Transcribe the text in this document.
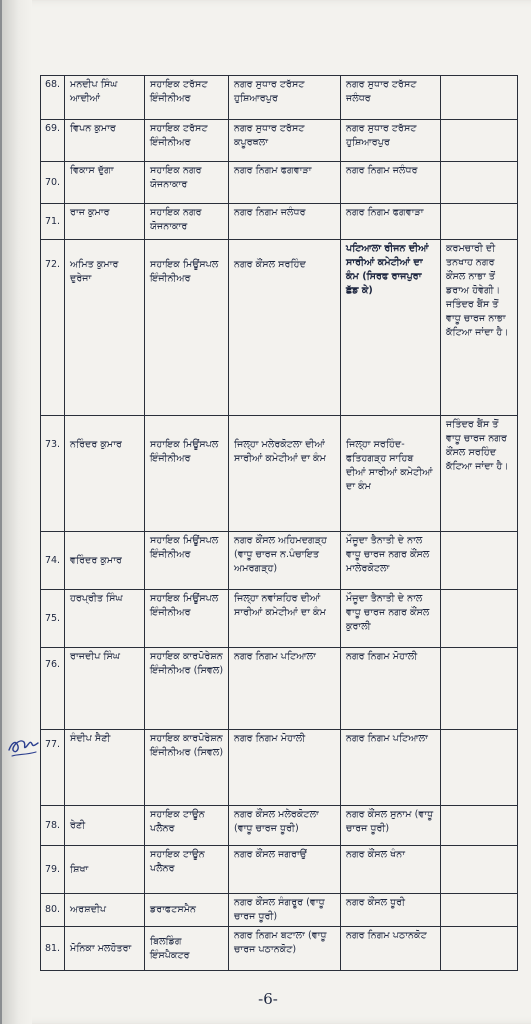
68.	ਮਨਦੀਪ ਸਿੰਘ ਆਦੀਆਂ	ਸਹਾਇਕ ਟਰੱਸਟ ਇੰਜੀਨੀਅਰ	ਨਗਰ ਸੁਧਾਰ ਟਰੱਸਟ ਹੁਸ਼ਿਆਰਪੁਰ	ਨਗਰ ਸੁਧਾਰ ਟਰੱਸਟ ਜਲੰਧਰ	
69.	ਵਿਪਨ ਕੁਮਾਰ	ਸਹਾਇਕ ਟਰੱਸਟ ਇੰਜੀਨੀਅਰ	ਨਗਰ ਸੁਧਾਰ ਟਰੱਸਟ ਕਪੂਰਥਲਾ	ਨਗਰ ਸੁਧਾਰ ਟਰੱਸਟ ਹੁਸ਼ਿਆਰਪੁਰ	
70.	ਵਿਕਾਸ ਦੁੱਗਾ	ਸਹਾਇਕ ਨਗਰ ਯੋਜਨਾਕਾਰ	ਨਗਰ ਨਿਗਮ ਫਗਵਾੜਾ	ਨਗਰ ਨਿਗਮ ਜਲੰਧਰ	
71.	ਰਾਜ ਕੁਮਾਰ	ਸਹਾਇਕ ਨਗਰ ਯੋਜਨਾਕਾਰ	ਨਗਰ ਨਿਗਮ ਜਲੰਧਰ	ਨਗਰ ਨਿਗਮ ਫਗਵਾੜਾ	
72.	ਅਮਿਤ ਕੁਮਾਰ ਦੁਰੇਜਾ	ਸਹਾਇਕ ਮਿਊਂਸਪਲ ਇੰਜੀਨੀਅਰ	ਨਗਰ ਕੌਂਸਲ ਸਰਹਿੰਦ	ਪਟਿਆਲਾ ਰੀਜਨ ਦੀਆਂ ਸਾਰੀਆਂ ਕਮੇਟੀਆਂ ਦਾ ਕੰਮ (ਸਿਰਫ ਰਾਜਪੁਰਾ ਛੱਡ ਕੇ)	ਕਰਮਚਾਰੀ ਦੀ ਤਨਖਾਹ ਨਗਰ ਕੌਂਸਲ ਨਾਭਾ ਤੋਂ ਡਰਾਅ ਹੋਵੇਗੀ। ਜਤਿੰਦਰ ਬੈਂਸ ਤੋਂ ਵਾਧੂ ਚਾਰਜ ਨਾਭਾ ਕੱਟਿਆ ਜਾਂਦਾ ਹੈ।
73.	ਨਰਿੰਦਰ ਕੁਮਾਰ	ਸਹਾਇਕ ਮਿਊਂਸਪਲ ਇੰਜੀਨੀਅਰ	ਜਿਲ੍ਹਾ ਮਲੇਰਕੋਟਲਾ ਦੀਆਂ ਸਾਰੀਆਂ ਕਮੇਟੀਆਂ ਦਾ ਕੰਮ	ਜਿਲ੍ਹਾ ਸਰਹਿੰਦ-ਫਤਿਹਗੜ੍ਹ ਸਾਹਿਬ ਦੀਆਂ ਸਾਰੀਆਂ ਕਮੇਟੀਆਂ ਦਾ ਕੰਮ	ਜਤਿੰਦਰ ਬੈਂਸ ਤੋਂ ਵਾਧੂ ਚਾਰਜ ਨਗਰ ਕੌਂਸਲ ਸਰਹਿੰਦ ਕੱਟਿਆ ਜਾਂਦਾ ਹੈ।
74.	ਵਰਿੰਦਰ ਕੁਮਾਰ	ਸਹਾਇਕ ਮਿਊਂਸਪਲ ਇੰਜੀਨੀਅਰ	ਨਗਰ ਕੌਂਸਲ ਅਹਿਮਦਗੜ੍ਹ (ਵਾਧੂ ਚਾਰਜ ਨ.ਪੰਚਾਇਤ ਅਮਰਗੜ੍ਹ)	ਮੌਜੂਦਾ ਤੈਨਾਤੀ ਦੇ ਨਾਲ ਵਾਧੂ ਚਾਰਜ ਨਗਰ ਕੌਂਸਲ ਮਾਲੇਰਕੋਟਲਾ	
75.	ਹਰਪ੍ਰੀਤ ਸਿੰਘ	ਸਹਾਇਕ ਮਿਊਂਸਪਲ ਇੰਜੀਨੀਅਰ	ਜਿਲ੍ਹਾ ਨਵਾਂਸ਼ਹਿਰ ਦੀਆਂ ਸਾਰੀਆਂ ਕਮੇਟੀਆਂ ਦਾ ਕੰਮ	ਮੌਜੂਦਾ ਤੈਨਾਤੀ ਦੇ ਨਾਲ ਵਾਧੂ ਚਾਰਜ ਨਗਰ ਕੌਂਸਲ ਕੁਰਾਲੀ	
76.	ਰਾਜਦੀਪ ਸਿੰਘ	ਸਹਾਇਕ ਕਾਰਪੋਰੇਸ਼ਨ ਇੰਜੀਨੀਅਰ (ਸਿਵਲ)	ਨਗਰ ਨਿਗਮ ਪਟਿਆਲਾ	ਨਗਰ ਨਿਗਮ ਮੋਹਾਲੀ	
77.	ਸੰਦੀਪ ਸੈਣੀ	ਸਹਾਇਕ ਕਾਰਪੋਰੇਸ਼ਨ ਇੰਜੀਨੀਅਰ (ਸਿਵਲ)	ਨਗਰ ਨਿਗਮ ਮੋਹਾਲੀ	ਨਗਰ ਨਿਗਮ ਪਟਿਆਲਾ	
78.	ਰੇਣੀ	ਸਹਾਇਕ ਟਾਊਨ ਪਲੈਨਰ	ਨਗਰ ਕੌਂਸਲ ਮਲੇਰਕੋਟਲਾ (ਵਾਧੂ ਚਾਰਜ ਧੂਰੀ)	ਨਗਰ ਕੌਂਸਲ ਸੁਨਾਮ (ਵਾਧੂ ਚਾਰਜ ਧੂਰੀ)	
79.	ਸ਼ਿਖਾ	ਸਹਾਇਕ ਟਾਊਨ ਪਲੈਨਰ	ਨਗਰ ਕੌਂਸਲ ਜਗਰਾਉਂ	ਨਗਰ ਕੌਂਸਲ ਖੰਨਾ	
80.	ਅਰਸ਼ਦੀਪ	ਡਰਾਫਟਸਮੈਨ	ਨਗਰ ਕੌਂਸਲ ਸੰਗਰੂਰ (ਵਾਧੂ ਚਾਰਜ ਧੂਰੀ)	ਨਗਰ ਕੌਂਸਲ ਧੂਰੀ	
81.	ਮੋਨਿਕਾ ਮਲਹੋਤਰਾ	ਬਿਲਡਿੰਗ ਇੰਸਪੈਕਟਰ	ਨਗਰ ਨਿਗਮ ਬਟਾਲਾ (ਵਾਧੂ ਚਾਰਜ ਪਠਾਨਕੋਟ)	ਨਗਰ ਨਿਗਮ ਪਠਾਨਕੋਟ	
-6-
